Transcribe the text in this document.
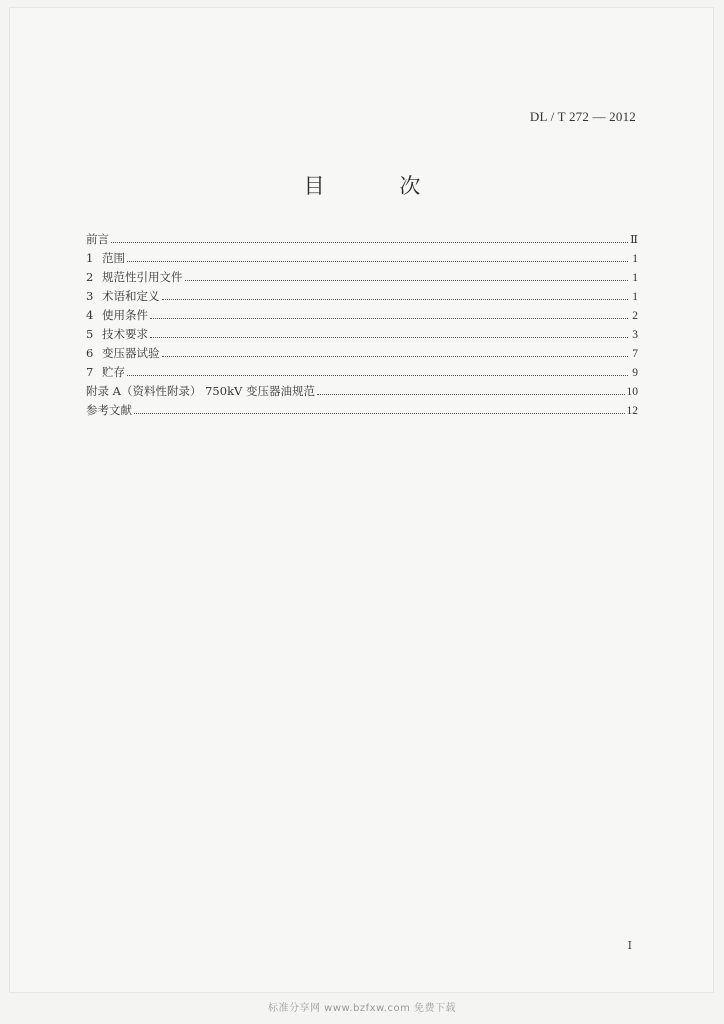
DL / T 272 — 2012
目 次
前言	Ⅱ
1 范围	1
2 规范性引用文件	1
3 术语和定义	1
4 使用条件	2
5 技术要求	3
6 变压器试验	7
7 贮存	9
附录 A（资料性附录） 750kV 变压器油规范	10
参考文献	12
I
标准分享网 www.bzfxw.com 免费下载
